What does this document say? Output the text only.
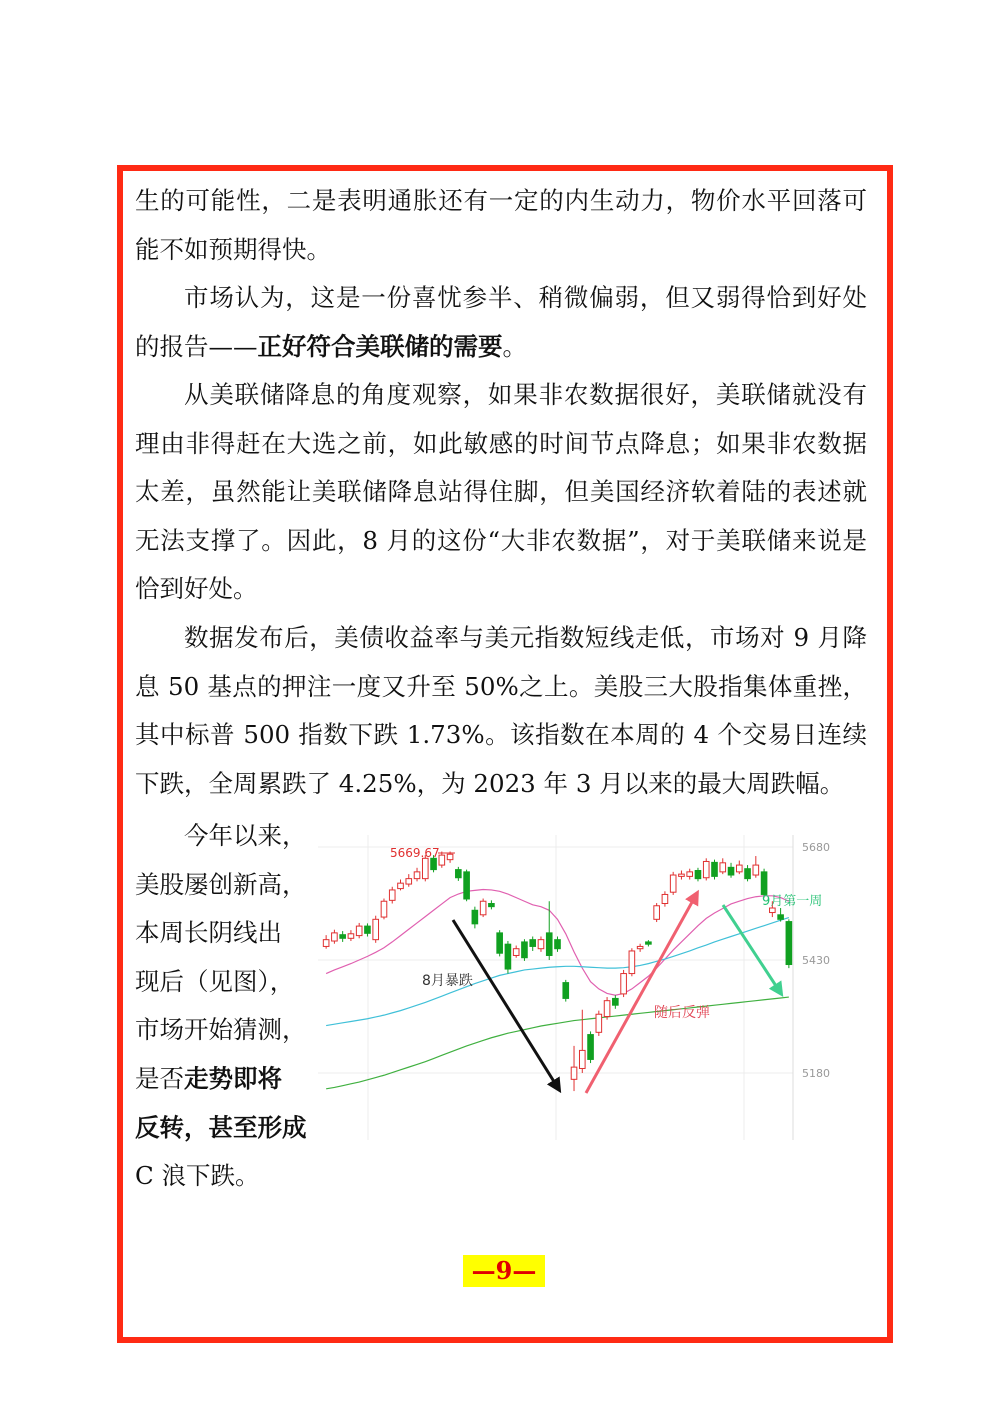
生的可能性，二是表明通胀还有一定的内生动力，物价水平回落可能不如预期得快。

市场认为，这是一份喜忧参半、稍微偏弱，但又弱得恰到好处的报告——正好符合美联储的需要。

从美联储降息的角度观察，如果非农数据很好，美联储就没有理由非得赶在大选之前，如此敏感的时间节点降息；如果非农数据太差，虽然能让美联储降息站得住脚，但美国经济软着陆的表述就无法支撑了。因此，8 月的这份“大非农数据”，对于美联储来说是恰到好处。

数据发布后，美债收益率与美元指数短线走低，市场对 9 月降息 50 基点的押注一度又升至 50%之上。美股三大股指集体重挫，其中标普 500 指数下跌 1.73%。该指数在本周的 4 个交易日连续下跌，全周累跌了 4.25%，为 2023 年 3 月以来的最大周跌幅。

今年以来，
美股屡创新高，
本周长阴线出
现后（见图），
市场开始猜测，
是否走势即将
反转，甚至形成
C 浪下跌。

5680
5430
5180
5669.67
8月暴跌
随后反弹
9月第一周
—9—
